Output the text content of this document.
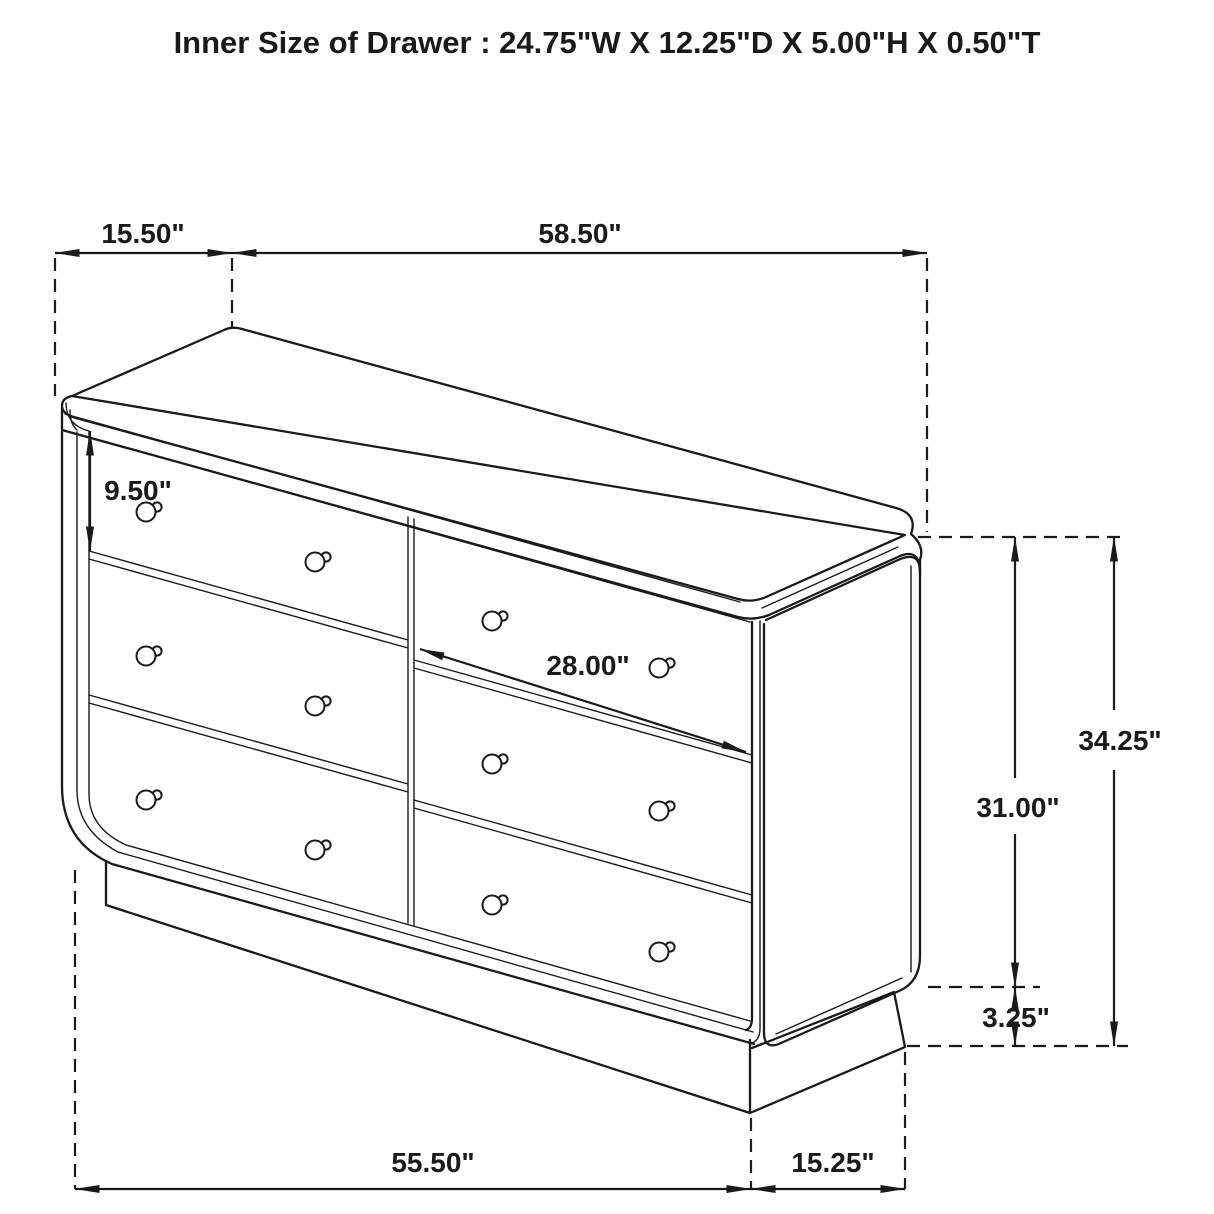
15.50"	58.50"
9.50"
28.00"
34.25"
31.00"
3.25"
55.50"	15.25"
Inner Size of Drawer : 24.75"W X 12.25"D X 5.00"H X 0.50"T
